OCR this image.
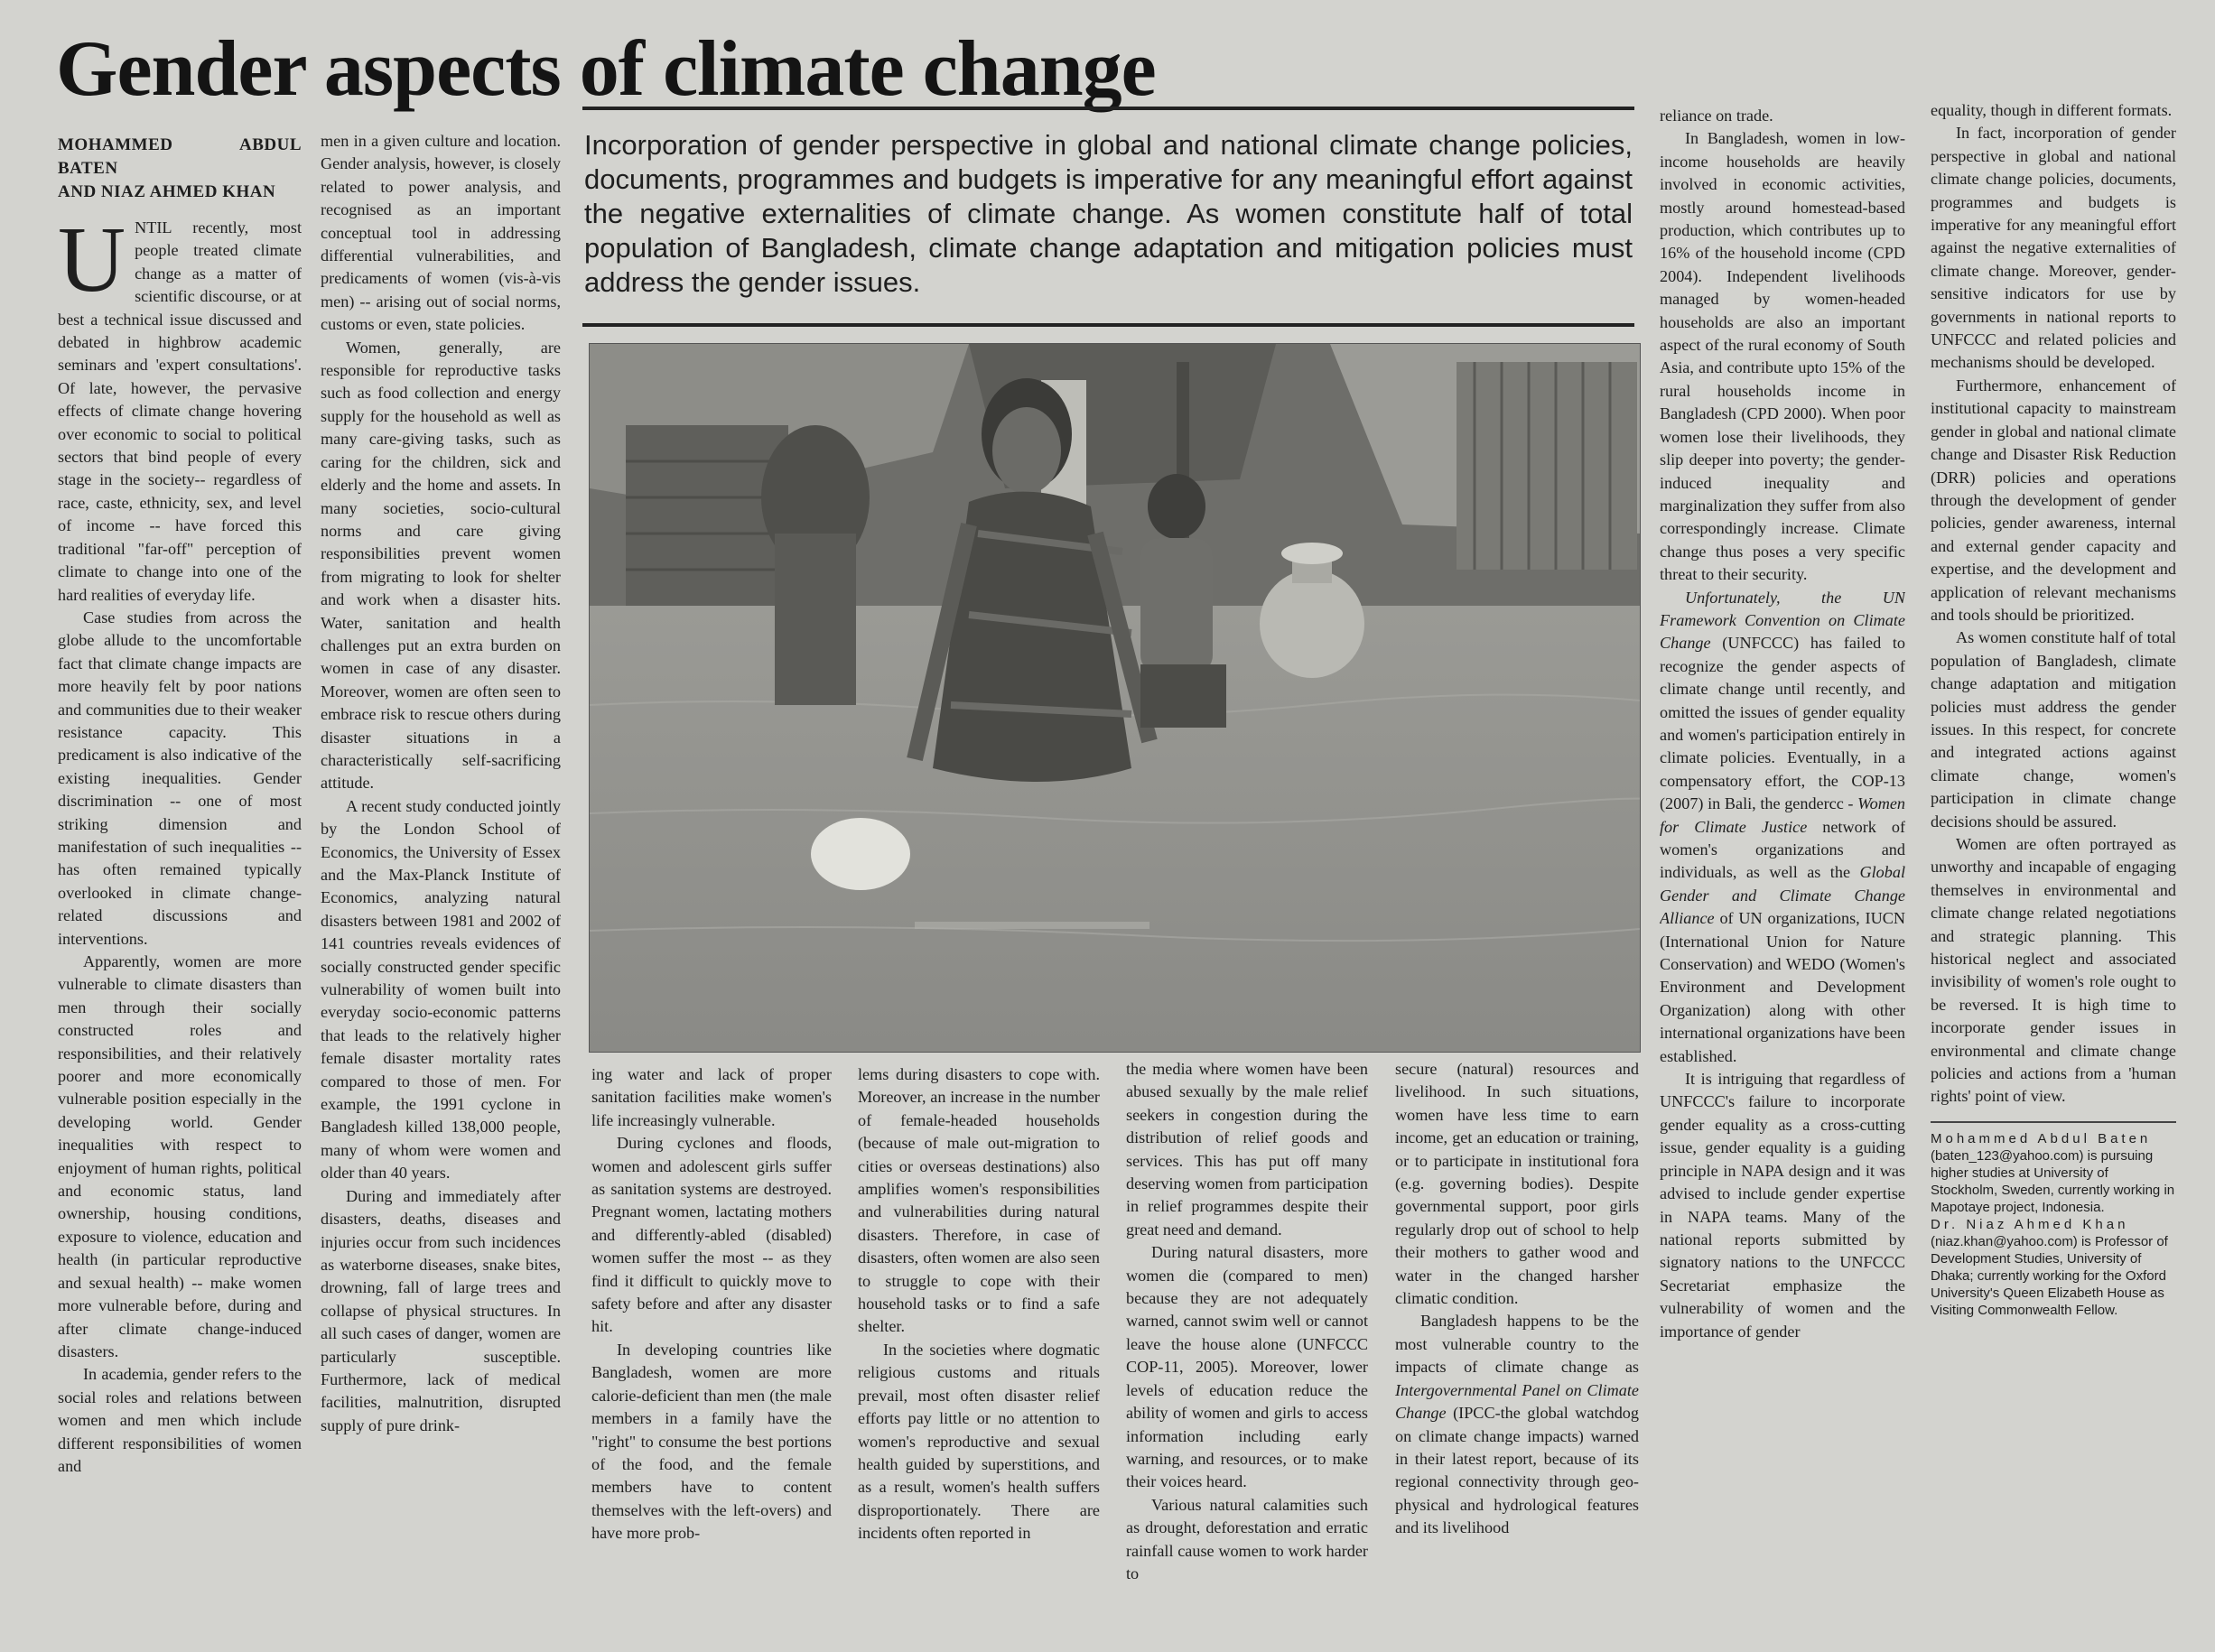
Gender aspects of climate change
MOHAMMED ABDUL BATEN
AND NIAZ AHMED KHAN

UNTIL recently, most people treated climate change as a matter of scientific discourse, or at best a technical issue discussed and debated in highbrow academic seminars and 'expert consultations'. Of late, however, the pervasive effects of climate change hovering over economic to social to political sectors that bind people of every stage in the society-- regardless of race, caste, ethnicity, sex, and level of income -- have forced this traditional "far-off" perception of climate to change into one of the hard realities of everyday life.

Case studies from across the globe allude to the uncomfortable fact that climate change impacts are more heavily felt by poor nations and communities due to their weaker resistance capacity. This predicament is also indicative of the existing inequalities. Gender discrimination -- one of most striking dimension and manifestation of such inequalities -- has often remained typically overlooked in climate change-related discussions and interventions.

Apparently, women are more vulnerable to climate disasters than men through their socially constructed roles and responsibilities, and their relatively poorer and more economically vulnerable position especially in the developing world. Gender inequalities with respect to enjoyment of human rights, political and economic status, land ownership, housing conditions, exposure to violence, education and health (in particular reproductive and sexual health) -- make women more vulnerable before, during and after climate change-induced disasters.

In academia, gender refers to the social roles and relations between women and men which include different responsibilities of women and

men in a given culture and location. Gender analysis, however, is closely related to power analysis, and recognised as an important conceptual tool in addressing differential vulnerabilities, and predicaments of women (vis-à-vis men) -- arising out of social norms, customs or even, state policies.

Women, generally, are responsible for reproductive tasks such as food collection and energy supply for the household as well as many care-giving tasks, such as caring for the children, sick and elderly and the home and assets. In many societies, socio-cultural norms and care giving responsibilities prevent women from migrating to look for shelter and work when a disaster hits. Water, sanitation and health challenges put an extra burden on women in case of any disaster. Moreover, women are often seen to embrace risk to rescue others during disaster situations in a characteristically self-sacrificing attitude.

A recent study conducted jointly by the London School of Economics, the University of Essex and the Max-Planck Institute of Economics, analyzing natural disasters between 1981 and 2002 of 141 countries reveals evidences of socially constructed gender specific vulnerability of women built into everyday socio-economic patterns that leads to the relatively higher female disaster mortality rates compared to those of men. For example, the 1991 cyclone in Bangladesh killed 138,000 people, many of whom were women and older than 40 years.

During and immediately after disasters, deaths, diseases and injuries occur from such incidences as waterborne diseases, snake bites, drowning, fall of large trees and collapse of physical structures. In all such cases of danger, women are particularly susceptible. Furthermore, lack of medical facilities, malnutrition, disrupted supply of pure drink-

Incorporation of gender perspective in global and national climate change policies, documents, programmes and budgets is imperative for any meaningful effort against the negative externalities of climate change. As women constitute half of total population of Bangladesh, climate change adaptation and mitigation policies must address the gender issues.

ing water and lack of proper sanitation facilities make women's life increasingly vulnerable.

During cyclones and floods, women and adolescent girls suffer as sanitation systems are destroyed. Pregnant women, lactating mothers and differently-abled (disabled) women suffer the most -- as they find it difficult to quickly move to safety before and after any disaster hit.

In developing countries like Bangladesh, women are more calorie-deficient than men (the male members in a family have the "right" to consume the best portions of the food, and the female members have to content themselves with the left-overs) and have more prob-

lems during disasters to cope with. Moreover, an increase in the number of female-headed households (because of male out-migration to cities or overseas destinations) also amplifies women's responsibilities and vulnerabilities during natural disasters. Therefore, in case of disasters, often women are also seen to struggle to cope with their household tasks or to find a safe shelter.

In the societies where dogmatic religious customs and rituals prevail, most often disaster relief efforts pay little or no attention to women's reproductive and sexual health guided by superstitions, and as a result, women's health suffers disproportionately. There are incidents often reported in

the media where women have been abused sexually by the male relief seekers in congestion during the distribution of relief goods and services. This has put off many deserving women from participation in relief programmes despite their great need and demand.

During natural disasters, more women die (compared to men) because they are not adequately warned, cannot swim well or cannot leave the house alone (UNFCCC COP-11, 2005). Moreover, lower levels of education reduce the ability of women and girls to access information including early warning, and resources, or to make their voices heard.

Various natural calamities such as drought, deforestation and erratic rainfall cause women to work harder to

secure (natural) resources and livelihood. In such situations, women have less time to earn income, get an education or training, or to participate in institutional fora (e.g. governing bodies). Despite governmental support, poor girls regularly drop out of school to help their mothers to gather wood and water in the changed harsher climatic condition.

Bangladesh happens to be the most vulnerable country to the impacts of climate change as Intergovernmental Panel on Climate Change (IPCC-the global watchdog on climate change impacts) warned in their latest report, because of its regional connectivity through geo-physical and hydrological features and its livelihood

reliance on trade.

In Bangladesh, women in low-income households are heavily involved in economic activities, mostly around homestead-based production, which contributes up to 16% of the household income (CPD 2004). Independent livelihoods managed by women-headed households are also an important aspect of the rural economy of South Asia, and contribute upto 15% of the rural households income in Bangladesh (CPD 2000). When poor women lose their livelihoods, they slip deeper into poverty; the gender-induced inequality and marginalization they suffer from also correspondingly increase. Climate change thus poses a very specific threat to their security.

Unfortunately, the UN Framework Convention on Climate Change (UNFCCC) has failed to recognize the gender aspects of climate change until recently, and omitted the issues of gender equality and women's participation entirely in climate policies. Eventually, in a compensatory effort, the COP-13 (2007) in Bali, the gendercc - Women for Climate Justice network of women's organizations and individuals, as well as the Global Gender and Climate Change Alliance of UN organizations, IUCN (International Union for Nature Conservation) and WEDO (Women's Environment and Development Organization) along with other international organizations have been established.

It is intriguing that regardless of UNFCCC's failure to incorporate gender equality as a cross-cutting issue, gender equality is a guiding principle in NAPA design and it was advised to include gender expertise in NAPA teams. Many of the national reports submitted by signatory nations to the UNFCCC Secretariat emphasize the vulnerability of women and the importance of gender

equality, though in different formats.

In fact, incorporation of gender perspective in global and national climate change policies, documents, programmes and budgets is imperative for any meaningful effort against the negative externalities of climate change. Moreover, gender-sensitive indicators for use by governments in national reports to UNFCCC and related policies and mechanisms should be developed.

Furthermore, enhancement of institutional capacity to mainstream gender in global and national climate change and Disaster Risk Reduction (DRR) policies and operations through the development of gender policies, gender awareness, internal and external gender capacity and expertise, and the development and application of relevant mechanisms and tools should be prioritized.

As women constitute half of total population of Bangladesh, climate change adaptation and mitigation policies must address the gender issues. In this respect, for concrete and integrated actions against climate change, women's participation in climate change decisions should be assured.

Women are often portrayed as unworthy and incapable of engaging themselves in environmental and climate change related negotiations and strategic planning. This historical neglect and associated invisibility of women's role ought to be reversed. It is high time to incorporate gender issues in environmental and climate change policies and actions from a 'human rights' point of view.

Mohammed Abdul Baten (baten_123@yahoo.com) is pursuing higher studies at University of Stockholm, Sweden, currently working in Mapotaye project, Indonesia.
Dr. Niaz Ahmed Khan (niaz.khan@yahoo.com) is Professor of Development Studies, University of Dhaka; currently working for the Oxford University's Queen Elizabeth House as Visiting Commonwealth Fellow.
